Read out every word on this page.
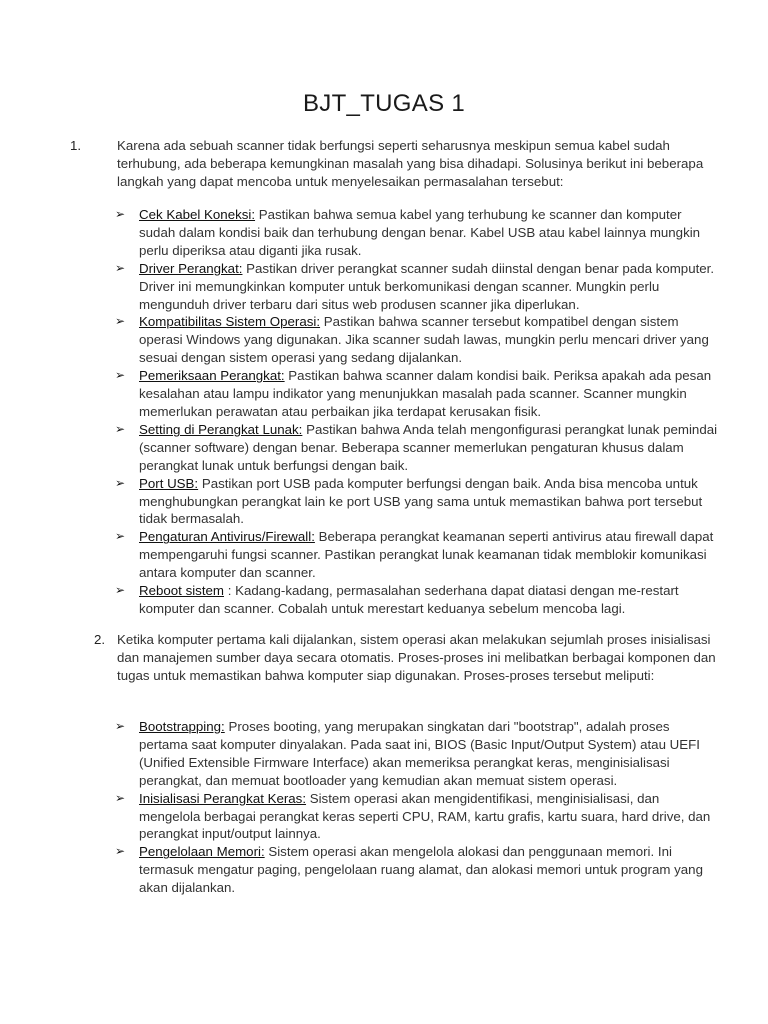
BJT_TUGAS 1
1.	Karena ada sebuah scanner tidak berfungsi seperti seharusnya meskipun semua kabel sudah terhubung, ada beberapa kemungkinan masalah yang bisa dihadapi. Solusinya berikut ini beberapa langkah yang dapat mencoba untuk menyelesaikan permasalahan tersebut:
➢ Cek Kabel Koneksi: Pastikan bahwa semua kabel yang terhubung ke scanner dan komputer sudah dalam kondisi baik dan terhubung dengan benar. Kabel USB atau kabel lainnya mungkin perlu diperiksa atau diganti jika rusak.
➢ Driver Perangkat: Pastikan driver perangkat scanner sudah diinstal dengan benar pada komputer. Driver ini memungkinkan komputer untuk berkomunikasi dengan scanner. Mungkin perlu mengunduh driver terbaru dari situs web produsen scanner jika diperlukan.
➢ Kompatibilitas Sistem Operasi: Pastikan bahwa scanner tersebut kompatibel dengan sistem operasi Windows yang digunakan. Jika scanner sudah lawas, mungkin perlu mencari driver yang sesuai dengan sistem operasi yang sedang dijalankan.
➢ Pemeriksaan Perangkat: Pastikan bahwa scanner dalam kondisi baik. Periksa apakah ada pesan kesalahan atau lampu indikator yang menunjukkan masalah pada scanner. Scanner mungkin memerlukan perawatan atau perbaikan jika terdapat kerusakan fisik.
➢ Setting di Perangkat Lunak: Pastikan bahwa Anda telah mengonfigurasi perangkat lunak pemindai (scanner software) dengan benar. Beberapa scanner memerlukan pengaturan khusus dalam perangkat lunak untuk berfungsi dengan baik.
➢ Port USB: Pastikan port USB pada komputer berfungsi dengan baik. Anda bisa mencoba untuk menghubungkan perangkat lain ke port USB yang sama untuk memastikan bahwa port tersebut tidak bermasalah.
➢ Pengaturan Antivirus/Firewall: Beberapa perangkat keamanan seperti antivirus atau firewall dapat mempengaruhi fungsi scanner. Pastikan perangkat lunak keamanan tidak memblokir komunikasi antara komputer dan scanner.
➢ Reboot sistem : Kadang-kadang, permasalahan sederhana dapat diatasi dengan me-restart komputer dan scanner. Cobalah untuk merestart keduanya sebelum mencoba lagi.
2. Ketika komputer pertama kali dijalankan, sistem operasi akan melakukan sejumlah proses inisialisasi dan manajemen sumber daya secara otomatis. Proses-proses ini melibatkan berbagai komponen dan tugas untuk memastikan bahwa komputer siap digunakan. Proses-proses tersebut meliputi:
➢ Bootstrapping: Proses booting, yang merupakan singkatan dari "bootstrap", adalah proses pertama saat komputer dinyalakan. Pada saat ini, BIOS (Basic Input/Output System) atau UEFI (Unified Extensible Firmware Interface) akan memeriksa perangkat keras, menginisialisasi perangkat, dan memuat bootloader yang kemudian akan memuat sistem operasi.
➢ Inisialisasi Perangkat Keras: Sistem operasi akan mengidentifikasi, menginisialisasi, dan mengelola berbagai perangkat keras seperti CPU, RAM, kartu grafis, kartu suara, hard drive, dan perangkat input/output lainnya.
➢ Pengelolaan Memori: Sistem operasi akan mengelola alokasi dan penggunaan memori. Ini termasuk mengatur paging, pengelolaan ruang alamat, dan alokasi memori untuk program yang akan dijalankan.
